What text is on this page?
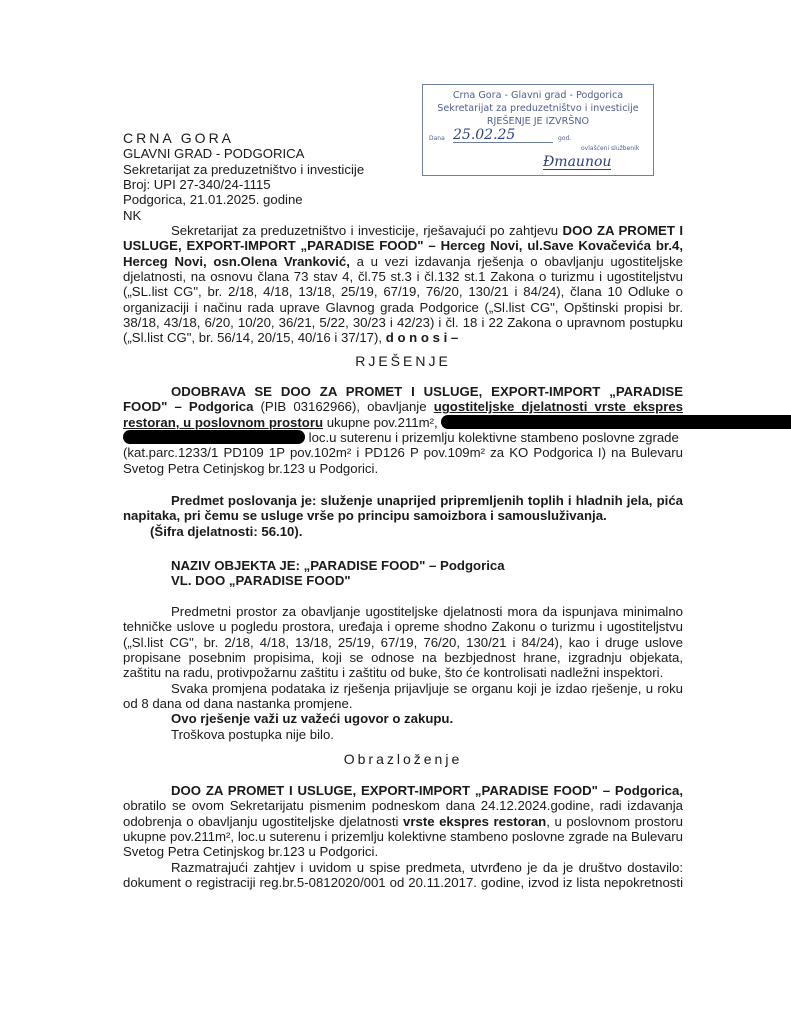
Crna Gora - Glavni grad - Podgorica
Sekretarijat za preduzetništvo i investicije
RJEŠENJE JE IZVRŠNO
Dana 25.02.25	god.
ovlašćeni službenik
Đmaunou
CRNA GORA
GLAVNI GRAD - PODGORICA
Sekretarijat za preduzetništvo i investicije
Broj: UPI 27-340/24-1115
Podgorica, 21.01.2025. godine
NK
Sekretarijat za preduzetništvo i investicije, rješavajući po zahtjevu DOO ZA PROMET I
USLUGE, EXPORT-IMPORT „PARADISE FOOD" – Herceg Novi, ul.Save Kovačevića br.4,
Herceg Novi, osn.Olena Vranković, a u vezi izdavanja rješenja o obavljanju ugostiteljske
djelatnosti, na osnovu člana 73 stav 4, čl.75 st.3 i čl.132 st.1 Zakona o turizmu i ugostiteljstvu
(„SL.list CG", br. 2/18, 4/18, 13/18, 25/19, 67/19, 76/20, 130/21 i 84/24), člana 10 Odluke o
organizaciji i načinu rada uprave Glavnog grada Podgorice („Sl.list CG", Opštinski propisi br.
38/18, 43/18, 6/20, 10/20, 36/21, 5/22, 30/23 i 42/23) i čl. 18 i 22 Zakona o upravnom postupku
(„Sl.list CG", br. 56/14, 20/15, 40/16 i 37/17), d o n o s i –
RJEŠENJE
ODOBRAVA SE DOO ZA PROMET I USLUGE, EXPORT-IMPORT „PARADISE
FOOD" – Podgorica (PIB 03162966), obavljanje ugostiteljske djelatnosti vrste ekspres
restoran, u poslovnom prostoru ukupne pov.211m²,
loc.u suterenu i prizemlju kolektivne stambeno poslovne zgrade
(kat.parc.1233/1 PD109 1P pov.102m² i PD126 P pov.109m² za KO Podgorica I) na Bulevaru
Svetog Petra Cetinjskog br.123 u Podgorici.
Predmet poslovanja je: služenje unaprijed pripremljenih toplih i hladnih jela, pića
napitaka, pri čemu se usluge vrše po principu samoizbora i samousluživanja.
(Šifra djelatnosti: 56.10).
NAZIV OBJEKTA JE: „PARADISE FOOD" – Podgorica
VL. DOO „PARADISE FOOD"
Predmetni prostor za obavljanje ugostiteljske djelatnosti mora da ispunjava minimalno
tehničke uslove u pogledu prostora, uređaja i opreme shodno Zakonu o turizmu i ugostiteljstvu
(„Sl.list CG", br. 2/18, 4/18, 13/18, 25/19, 67/19, 76/20, 130/21 i 84/24), kao i druge uslove
propisane posebnim propisima, koji se odnose na bezbjednost hrane, izgradnju objekata,
zaštitu na radu, protivpožarnu zaštitu i zaštitu od buke, što će kontrolisati nadležni inspektori.
Svaka promjena podataka iz rješenja prijavljuje se organu koji je izdao rješenje, u roku
od 8 dana od dana nastanka promjene.
Ovo rješenje važi uz važeći ugovor o zakupu.
Troškova postupka nije bilo.
Obrazloženje
DOO ZA PROMET I USLUGE, EXPORT-IMPORT „PARADISE FOOD" – Podgorica,
obratilo se ovom Sekretarijatu pismenim podneskom dana 24.12.2024.godine, radi izdavanja
odobrenja o obavljanju ugostiteljske djelatnosti vrste ekspres restoran, u poslovnom prostoru
ukupne pov.211m², loc.u suterenu i prizemlju kolektivne stambeno poslovne zgrade na Bulevaru
Svetog Petra Cetinjskog br.123 u Podgorici.
Razmatrajući zahtjev i uvidom u spise predmeta, utvrđeno je da je društvo dostavilo:
dokument o registraciji reg.br.5-0812020/001 od 20.11.2017. godine, izvod iz lista nepokretnosti
